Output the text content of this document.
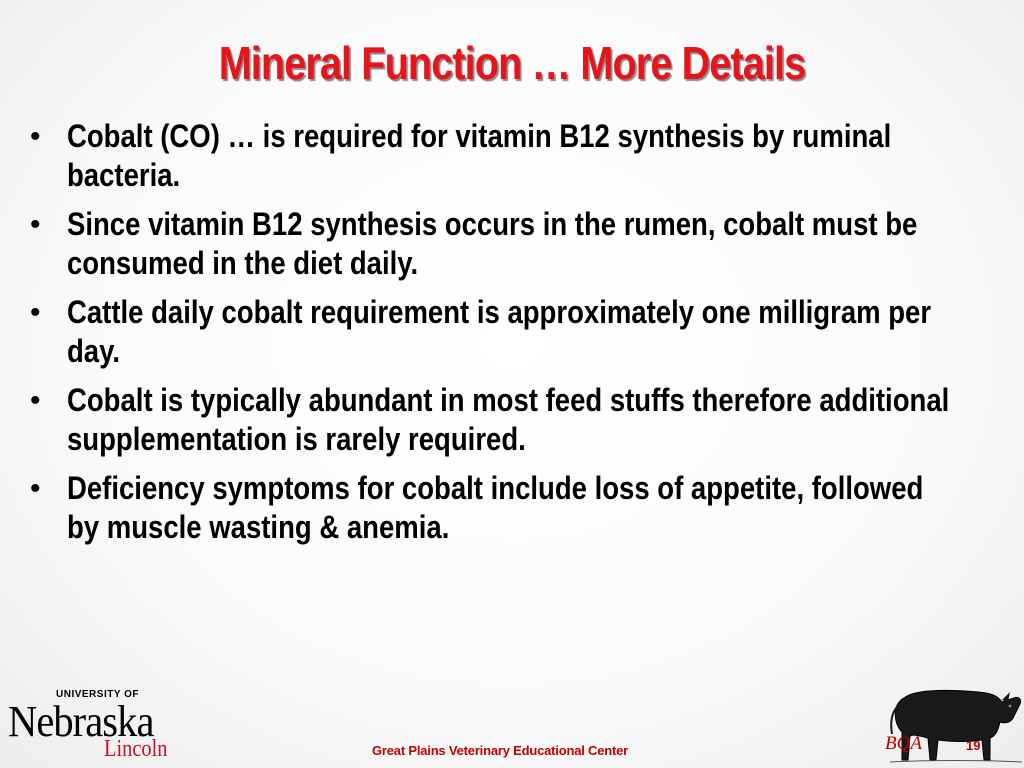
Mineral Function … More Details
• Cobalt (CO) … is required for vitamin B12 synthesis by ruminal bacteria.
• Since vitamin B12 synthesis occurs in the rumen, cobalt must be consumed in the diet daily.
• Cattle daily cobalt requirement is approximately one milligram per day.
• Cobalt is typically abundant in most feed stuffs therefore additional supplementation is rarely required.
• Deficiency symptoms for cobalt include loss of appetite, followed by muscle wasting & anemia.
UNIVERSITY OF
Nebraska
Lincoln	Great Plains Veterinary Educational Center	BQA	19
